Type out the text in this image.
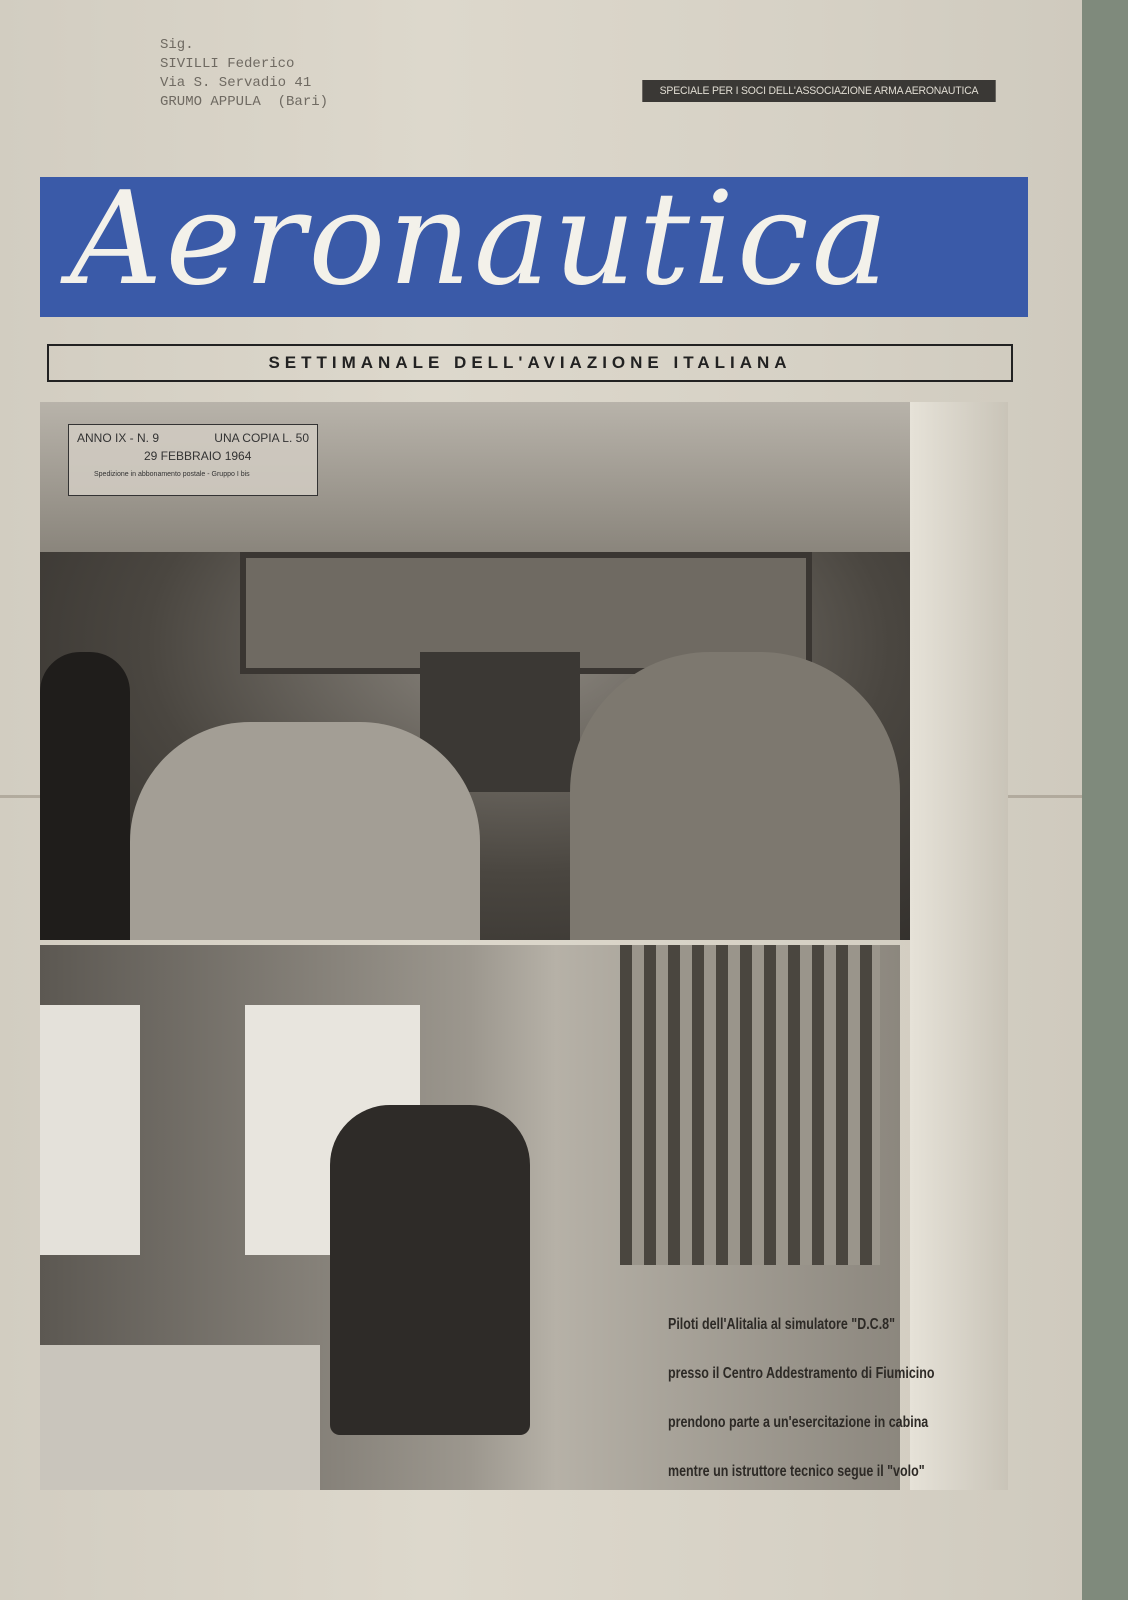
Sig.
SIVILLI Federico
Via S. Servadio 41
GRUMO APPULA  (Bari)
SPECIALE PER I SOCI DELL'ASSOCIAZIONE ARMA AERONAUTICA
Aeronautica
SETTIMANALE DELL'AVIAZIONE ITALIANA
ANNO IX - N. 9	UNA COPIA L. 50
29 FEBBRAIO 1964
Spedizione in abbonamento postale - Gruppo I bis
Piloti dell'Alitalia al simulatore "D.C.8"
presso il Centro Addestramento di Fiumicino
prendono parte a un'esercitazione in cabina
mentre un istruttore tecnico segue il "volo"
